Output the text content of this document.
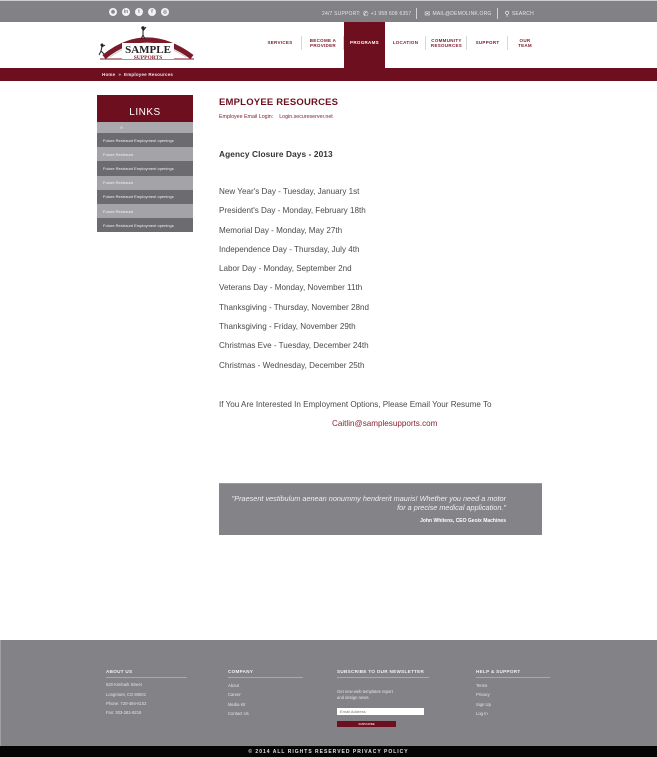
◉	in	t	f	◎	24/7 SUPPORT: ✆ +1 958 608 6357 ✉ MAIL@DEMOLINK.ORG ⚲ SEARCH
SAMPLE
SUPPORTS
SERVICES
BECOME A PROVIDER
PROGRAMS	LOCATION
COMMUNITY RESOURCES
SUPPORT
OUR TEAM
Home » Employee Resources
LINKS
A
Future Restraunt Employment openings
Future Restraunt
Future Restraunt Employment openings
Future Restraunt
Future Restraunt Employment openings
Future Restraunt
Future Restraunt Employment openings
EMPLOYEE RESOURCES
Employee Email Login: Login.secureserver.net
Agency Closure Days - 2013
New Year's Day - Tuesday, January 1st
President's Day - Monday, February 18th
Memorial Day - Monday, May 27th
Independence Day - Thursday, July 4th
Labor Day - Monday, September 2nd
Veterans Day - Monday, November 11th
Thanksgiving - Thursday, November 28nd
Thanksgiving - Friday, November 29th
Christmas Eve - Tuesday, December 24th
Christmas - Wednesday, December 25th
If You Are Interested In Employment Options, Please Email Your Resume To
Caitlin@samplesupports.com
"Praesent vestibulum aenean nonummy hendrerit mauris! Whether you need a motor for a precise medical application."
John Whitens, CEO Geoix Machines
ABOUT US
620 Kimbark Street
Longmont, CO 80501
Phone: 720-494-6102
Fax: 303-261-8216
COMPANY
About
Career
Media Kit
Contact Us
SUBSCRIBE TO OUR NEWSLETTER
Get new web templates report
and design news.
Email Address
SUBSCRIBE
HELP & SUPPORT
Terms
Privacy
Sign Up
Log In
© 2014 ALL RIGHTS RESERVED PRIVACY POLICY
